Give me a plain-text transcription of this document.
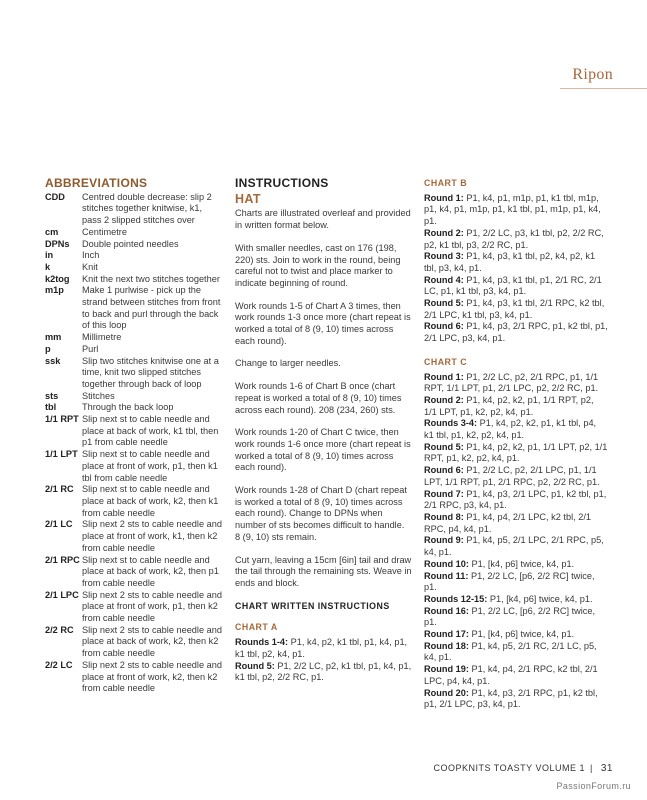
Ripon
ABBREVIATIONS
CDD	Centred double decrease: slip 2 stitches together knitwise, k1, pass 2 slipped stitches over
cm	Centimetre
DPNs	Double pointed needles
in	Inch
k	Knit
k2tog	Knit the next two stitches together
m1p	Make 1 purlwise - pick up the strand between stitches from front to back and purl through the back of this loop
mm	Millimetre
p	Purl
ssk	Slip two stitches knitwise one at a time, knit two slipped stitches together through back of loop
sts	Stitches
tbl	Through the back loop
1/1 RPT Slip next st to cable needle and place at back of work, k1 tbl, then p1 from cable needle
1/1 LPT Slip next st to cable needle and place at front of work, p1, then k1 tbl from cable needle
2/1 RC Slip next st to cable needle and place at back of work, k2, then k1 from cable needle
2/1 LC	Slip next 2 sts to cable needle and place at front of work, k1, then k2 from cable needle
2/1 RPC Slip next st to cable needle and place at back of work, k2, then p1 from cable needle
2/1 LPC Slip next 2 sts to cable needle and place at front of work, p1, then k2 from cable needle
2/2 RC Slip next 2 sts to cable needle and place at back of work, k2, then k2 from cable needle
2/2 LC	Slip next 2 sts to cable needle and place at front of work, k2, then k2 from cable needle
INSTRUCTIONS
HAT

Charts are illustrated overleaf and provided in written format below.

With smaller needles, cast on 176 (198, 220) sts. Join to work in the round, being careful not to twist and place marker to indicate beginning of round.

Work rounds 1-5 of Chart A 3 times, then work rounds 1-3 once more (chart repeat is worked a total of 8 (9, 10) times across each round).

Change to larger needles.

Work rounds 1-6 of Chart B once (chart repeat is worked a total of 8 (9, 10) times across each round). 208 (234, 260) sts.

Work rounds 1-20 of Chart C twice, then work rounds 1-6 once more (chart repeat is worked a total of 8 (9, 10) times across each round).

Work rounds 1-28 of Chart D (chart repeat is worked a total of 8 (9, 10) times across each round). Change to DPNs when number of sts becomes difficult to handle. 8 (9, 10) sts remain.

Cut yarn, leaving a 15cm [6in] tail and draw the tail through the remaining sts. Weave in ends and block.

CHART WRITTEN INSTRUCTIONS
CHART A

Rounds 1-4: P1, k4, p2, k1 tbl, p1, k4, p1, k1 tbl, p2, k4, p1.

Round 5: P1, 2/2 LC, p2, k1 tbl, p1, k4, p1, k1 tbl, p2, 2/2 RC, p1.

CHART B

Round 1: P1, k4, p1, m1p, p1, k1 tbl, m1p, p1, k4, p1, m1p, p1, k1 tbl, p1, m1p, p1, k4, p1.

Round 2: P1, 2/2 LC, p3, k1 tbl, p2, 2/2 RC, p2, k1 tbl, p3, 2/2 RC, p1.

Round 3: P1, k4, p3, k1 tbl, p2, k4, p2, k1 tbl, p3, k4, p1.

Round 4: P1, k4, p3, k1 tbl, p1, 2/1 RC, 2/1 LC, p1, k1 tbl, p3, k4, p1.

Round 5: P1, k4, p3, k1 tbl, 2/1 RPC, k2 tbl, 2/1 LPC, k1 tbl, p3, k4, p1.

Round 6: P1, k4, p3, 2/1 RPC, p1, k2 tbl, p1, 2/1 LPC, p3, k4, p1.

CHART C

Round 1: P1, 2/2 LC, p2, 2/1 RPC, p1, 1/1 RPT, 1/1 LPT, p1, 2/1 LPC, p2, 2/2 RC, p1.

Round 2: P1, k4, p2, k2, p1, 1/1 RPT, p2, 1/1 LPT, p1, k2, p2, k4, p1.

Rounds 3-4: P1, k4, p2, k2, p1, k1 tbl, p4, k1 tbl, p1, k2, p2, k4, p1.

Round 5: P1, k4, p2, k2, p1, 1/1 LPT, p2, 1/1 RPT, p1, k2, p2, k4, p1.

Round 6: P1, 2/2 LC, p2, 2/1 LPC, p1, 1/1 LPT, 1/1 RPT, p1, 2/1 RPC, p2, 2/2 RC, p1.

Round 7: P1, k4, p3, 2/1 LPC, p1, k2 tbl, p1, 2/1 RPC, p3, k4, p1.

Round 8: P1, k4, p4, 2/1 LPC, k2 tbl, 2/1 RPC, p4, k4, p1.

Round 9: P1, k4, p5, 2/1 LPC, 2/1 RPC, p5, k4, p1.

Round 10: P1, [k4, p6] twice, k4, p1.

Round 11: P1, 2/2 LC, [p6, 2/2 RC] twice, p1.

Rounds 12-15: P1, [k4, p6] twice, k4, p1.

Round 16: P1, 2/2 LC, [p6, 2/2 RC] twice, p1.

Round 17: P1, [k4, p6] twice, k4, p1.

Round 18: P1, k4, p5, 2/1 RC, 2/1 LC, p5, k4, p1.

Round 19: P1, k4, p4, 2/1 RPC, k2 tbl, 2/1 LPC, p4, k4, p1.

Round 20: P1, k4, p3, 2/1 RPC, p1, k2 tbl, p1, 2/1 LPC, p3, k4, p1.

COOPKNITS TOASTY VOLUME 1 | 31
PassionForum.ru
